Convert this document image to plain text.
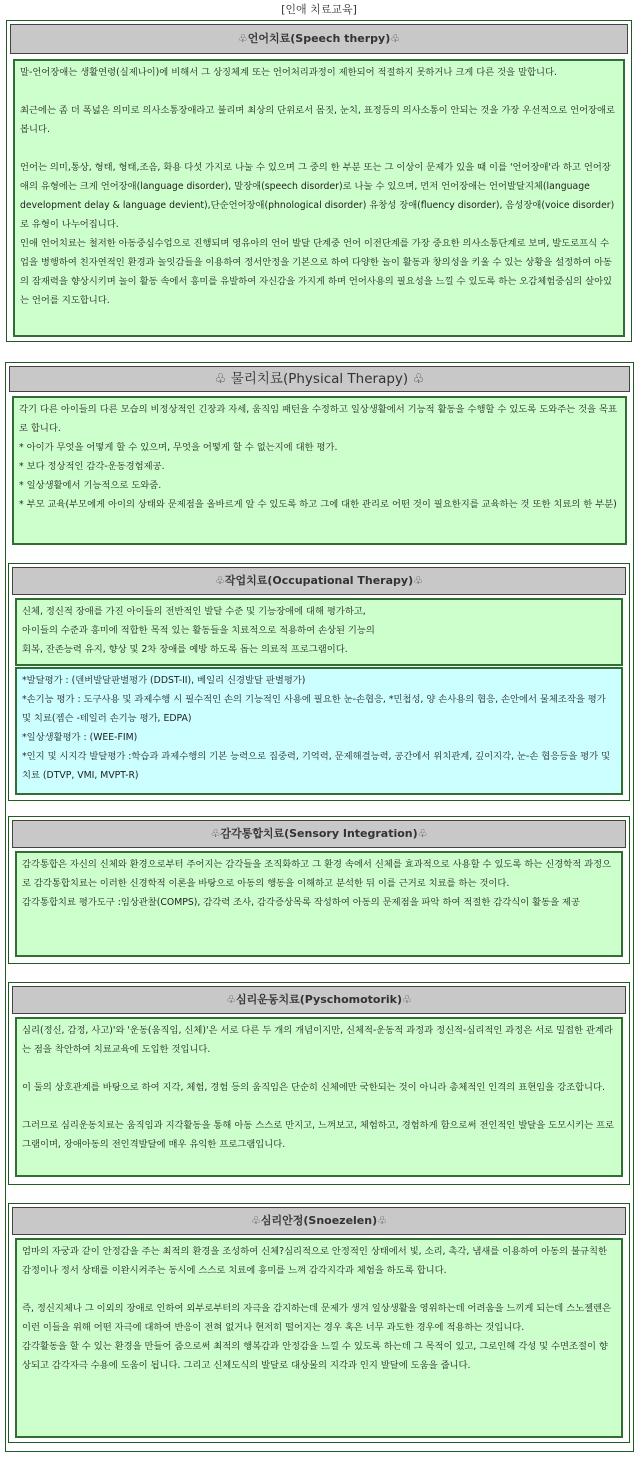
[인애 치료교육]
♧언어치료(Speech therpy)♧

말-언어장애는 생활연령(실제나이)에 비해서 그 상징체계 또는 언어처리과정이 제한되어 적절하지 못하거나 크게 다른 것을 말합니다.

최근에는 좀 더 폭넓은 의미로 의사소통장애라고 불리며 최상의 단위로서 몸짓, 눈치, 표정등의 의사소통이 안되는 것을 가장 우선적으로 언어장애로 봅니다.

언어는 의미,통상, 형태, 형태,조음, 화용 다섯 가지로 나눌 수 있으며 그 중의 한 부분 또는 그 이상이 문제가 있을 때 이를 '언어장애'라 하고 언어장애의 유형에는 크게 언어장애(language disorder), 말장애(speech disorder)로 나눌 수 있으며, 먼저 언어장애는 언어발달지체(language development delay & language devient),단순언어장애(phnological disorder) 유창성 장애(fluency disorder), 음성장애(voice disorder)로 유형이 나누어집니다.

인애 언어치료는 철저한 아동중심수업으로 진행되며 영유아의 언어 발달 단계중 언어 이전단계를 가장 중요한 의사소통단계로 보며, 발도로프식 수업을 병행하여 친자연적인 환경과 놀잇감들을 이용하여 정서안정을 기본으로 하여 다양한 놀이 활동과 창의성을 키울 수 있는 상황을 설정하여 아동의 잠재력을 향상시키며 놀이 활동 속에서 흥미를 유발하여 자신감을 가지게 하며 언어사용의 필요성을 느낄 수 있도록 하는 오감체험중심의 살아있는 언어를 지도합니다.

♧ 물리치료(Physical Therapy) ♧

각기 다른 아이들의 다른 모습의 비정상적인 긴장과 자세, 움직임 패턴을 수정하고 일상생활에서 기능적 활동을 수행할 수 있도록 도와주는 것을 목표로 합니다.

* 아이가 무엇을 어떻게 할 수 있으며, 무엇을 어떻게 할 수 없는지에 대한 평가.

* 보다 정상적인 감각-운동경험제공.

* 일상생활에서 기능적으로 도와줌.

* 부모 교육(부모에게 아이의 상태와 문제점을 올바르게 알 수 있도록 하고 그에 대한 관리로 어떤 것이 필요한지를 교육하는 것 또한 치료의 한 부분)

♧작업치료(Occupational Therapy)♧

신체, 정신적 장애를 가진 아이들의 전반적인 발달 수준 및 기능장애에 대해 평가하고,

아이들의 수준과 흥미에 적합한 목적 있는 활동들을 치료적으로 적용하여 손상된 기능의

회복, 잔존능력 유지, 향상 및 2차 장애를 예방 하도록 돕는 의료적 프로그램이다.

*발달평가 : (덴버발달판별평가 (DDST-II), 베일리 신경발달 판별평가)

*손기능 평가 : 도구사용 및 과제수행 시 필수적인 손의 기능적인 사용에 필요한 눈-손협응, *민첩성, 양 손사용의 협응, 손안에서 물체조작을 평가 및 치료(젭슨 -테일러 손기능 평가, EDPA)

*일상생활평가 : (WEE-FIM)

*인지 및 시지각 발달평가 :학습과 과제수행의 기본 능력으로 집중력, 기억력, 문제해결능력, 공간에서 위치관계, 깊이지각, 눈-손 협응등을 평가 및 치료 (DTVP, VMI, MVPT-R)

♧감각통합치료(Sensory Integration)♧

감각통합은 자신의 신체와 환경으로부터 주어지는 감각들을 조직화하고 그 환경 속에서 신체를 효과적으로 사용할 수 있도록 하는 신경학적 과정으로 감각통합치료는 이러한 신경학적 이론을 바탕으로 아동의 행동을 이해하고 분석한 뒤 이를 근거로 치료를 하는 것이다.

감각통합치료 평가도구 :임상관찰(COMPS), 감각력 조사, 감각증상목록 작성하여 아동의 문제점을 파악 하여 적절한 감각식이 활동을 제공

♧심리운동치료(Pyschomotorik)♧

심리(정신, 감정, 사고)'와 '운동(움직임, 신체)'은 서로 다른 두 개의 개념이지만, 신체적-운동적 과정과 정신적-심리적인 과정은 서로 밀접한 관계라는 점을 착안하여 치료교육에 도입한 것입니다.

이 둘의 상호관계를 바탕으로 하여 지각, 체험, 경험 등의 움직임은 단순히 신체에만 국한되는 것이 아니라 총체적인 인격의 표현임을 강조합니다.

그러므로 심리운동치료는 움직임과 지각활동을 통해 아동 스스로 만지고, 느껴보고, 체험하고, 경험하게 함으로써 전인적인 발달을 도모시키는 프로그램이며, 장애아동의 전인격발달에 매우 유익한 프로그램입니다.

♧심리안정(Snoezelen)♧

엄마의 자궁과 같이 안정감을 주는 최적의 환경을 조성하여 신체?심리적으로 안정적인 상태에서 빛, 소리, 촉각, 냄새를 이용하여 아동의 불규칙한 감정이나 정서 상태를 이완시켜주는 동시에 스스로 치료에 흥미를 느껴 감각지각과 체험을 하도록 합니다.

즉, 정신지체나 그 이외의 장애로 인하여 외부로부터의 자극을 감지하는데 문제가 생겨 일상생활을 영위하는데 어려움을 느끼게 되는데 스노젤렌은 이런 이들을 위해 어떤 자극에 대하여 반응이 전혀 없거나 현저히 떨어지는 경우 혹은 너무 과도한 경우에 적용하는 것입니다.

감각활동을 할 수 있는 환경을 만들어 줌으로써 최적의 행복감과 안정감을 느낄 수 있도록 하는데 그 목적이 있고, 그로인해 각성 및 수면조절이 향상되고 감각자극 수용에 도움이 됩니다. 그리고 신체도식의 발달로 대상물의 지각과 인지 발달에 도움을 줍니다.
